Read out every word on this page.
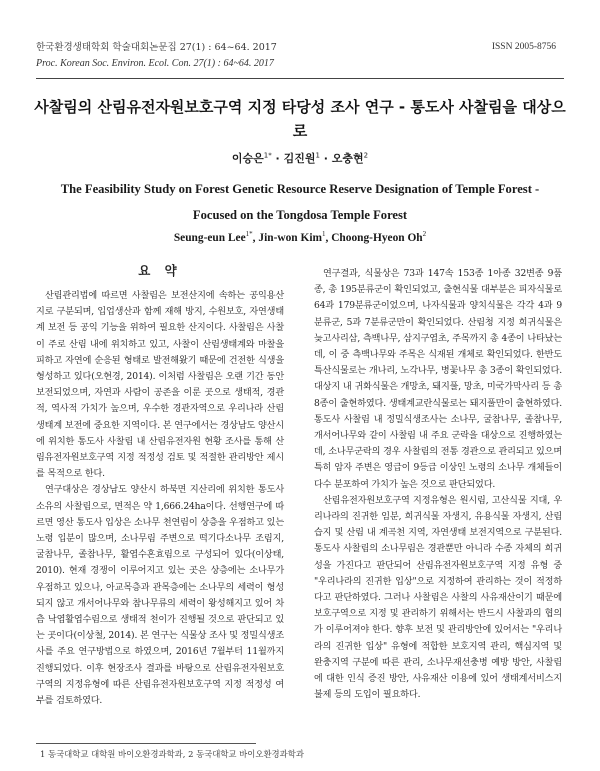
한국환경생태학회 학술대회논문집 27(1) : 64~64. 2017
Proc. Korean Soc. Environ. Ecol. Con. 27(1) : 64~64. 2017
ISSN 2005-8756
사찰림의 산림유전자원보호구역 지정 타당성 조사 연구 - 통도사 사찰림을 대상으로
이승은$^{1*}$ · 김진원$^1$ · 오충현$^2$
The Feasibility Study on Forest Genetic Resource Reserve Designation of Temple Forest -
Focused on the Tongdosa Temple Forest
Seung-eun Lee$^{1*}$, Jin-won Kim$^1$, Choong-Hyeon Oh$^2$
요 약

산림관리법에 따르면 사찰림은 보전산지에 속하는 공익용산지로 구분되며, 입업생산과 함께 재해 방지, 수원보호, 자연생태계 보전 등 공익 기능을 위하여 필요한 산지이다. 사찰림은 사찰이 주로 산림 내에 위치하고 있고, 사찰이 산림생태계와 마찰을 피하고 자연에 순응된 형태로 발전해왔기 때문에 건전한 식생을 형성하고 있다(오현경, 2014). 이처럼 사찰림은 오랜 기간 동안 보전되었으며, 자연과 사람이 공존을 이룬 곳으로 생태적, 경관적, 역사적 가치가 높으며, 우수한 경관자역으로 우리나라 산림생태계 보전에 중요한 지역이다. 본 연구에서는 경상남도 양산시에 위치한 통도사 사찰림 내 산림유전자원 현황 조사를 통해 산림유전자원보호구역 지정 적정성 검토 및 적절한 관리방안 제시를 목적으로 한다.

연구대상은 경상남도 양산시 하북면 지산리에 위치한 통도사 소유의 사찰림으로, 면적은 약 1,666.24ha이다. 선행연구에 따르면 영산 통도사 입상은 소나무 천연림이 상층을 우점하고 있는 노령 입분이 많으며, 소나무림 주변으로 떡기다소나무 조림지, 굴참나무, 졸참나무, 활엽수혼효림으로 구성되어 있다(이상태, 2010). 현재 경쟁이 이루어지고 있는 곳은 상층에는 소나무가 우점하고 있으나, 아교목층과 관목층에는 소나무의 세력이 형성되지 않고 개서어나무와 참나무류의 세력이 왕성해지고 있어 차츰 낙엽활엽수림으로 생태적 천이가 진행될 것으로 판단되고 있는 곳이다(이상철, 2014). 본 연구는 식물상 조사 및 정밀식생조사를 주요 연구방법으로 하였으며, 2016년 7월부터 11월까지 진행되었다. 이후 현장조사 결과를 바탕으로 산림유전자원보호구역의 지정유형에 따른 산림유전자원보호구역 지정 적정성 여부를 검토하였다.

연구결과, 식물상은 73과 147속 153종 1아종 32변종 9품종, 총 195분류군이 확인되었고, 출현식물 대부분은 피자식물로 64과 179분류군이었으며, 나자식물과 양치식물은 각각 4과 9분류군, 5과 7분류군만이 확인되었다. 산림청 지정 희귀식물은 늦고사리삼, 측백나무, 삼지구엽초, 주목까지 총 4종이 나타났는데, 이 중 측백나무와 주목은 식재된 개체로 확인되었다. 한반도 특산식물로는 개나리, 노각나무, 병꽃나무 총 3종이 확인되었다. 대상지 내 귀화식물은 개망초, 돼지풀, 망초, 미국가막사리 등 총 8종이 출현하였다. 생태계교란식물로는 돼지풀만이 출현하였다. 통도사 사찰림 내 정밀식생조사는 소나무, 굴참나무, 졸참나무, 개서어나무와 같이 사찰림 내 주요 군락을 대상으로 진행하였는데, 소나무군락의 경우 사찰림의 전통 경관으로 관리되고 있으며 특히 암자 주변은 영급이 9등급 이상인 노령의 소나무 개체들이 다수 분포하여 가치가 높은 것으로 판단되었다.

산림유전자원보호구역 지정유형은 원시림, 고산식물 지대, 우리나라의 진귀한 임분, 희귀식물 자생지, 유용식물 자생지, 산림습지 및 산림 내 계곡천 지역, 자연생태 보전지역으로 구분된다. 통도사 사찰림의 소나무림은 경관뿐만 아니라 수종 자체의 희귀성을 가진다고 판단되어 산림유전자원보호구역 지정 유형 중 "우리나라의 진귀한 입상"으로 지정하여 관리하는 것이 적정하다고 판단하였다. 그러나 사찰림은 사찰의 사유재산이기 때문에 보호구역으로 지정 및 관리하기 위해서는 반드시 사찰과의 협의가 이루어져야 한다. 향후 보전 및 관리방안에 있어서는 "우리나라의 진귀한 입상" 유형에 적합한 보호지역 관리, 핵심지역 및 완충지역 구분에 따른 관리, 소나무재선충병 예방 방안, 사찰림에 대한 인식 증진 방안, 사유재산 이용에 있어 생태계서비스지불제 등의 도입이 필요하다.

1 동국대학교 대학원 바이오환경과학과, 2 동국대학교 바이오환경과학과
